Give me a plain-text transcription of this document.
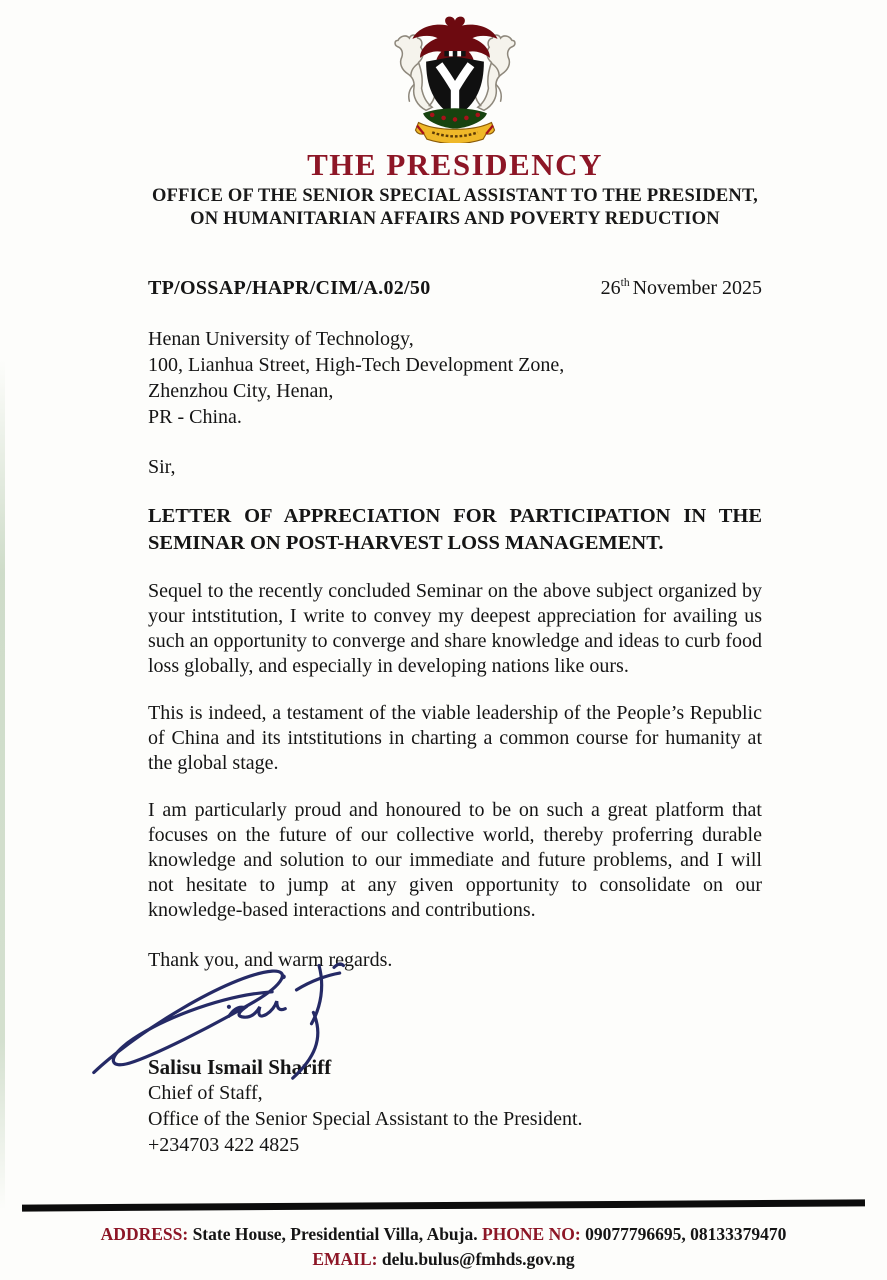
THE PRESIDENCY
OFFICE OF THE SENIOR SPECIAL ASSISTANT TO THE PRESIDENT,
ON HUMANITARIAN AFFAIRS AND POVERTY REDUCTION
TP/OSSAP/HAPR/CIM/A.02/50	26th November 2025
Henan University of Technology,
100, Lianhua Street, High-Tech Development Zone,
Zhenzhou City, Henan,
PR - China.
Sir,
LETTER OF APPRECIATION FOR PARTICIPATION IN THE SEMINAR ON POST-HARVEST LOSS MANAGEMENT.
Sequel to the recently concluded Seminar on the above subject organized by your intstitution, I write to convey my deepest appreciation for availing us such an opportunity to converge and share knowledge and ideas to curb food loss globally, and especially in developing nations like ours.
This is indeed, a testament of the viable leadership of the People’s Republic of China and its intstitutions in charting a common course for humanity at the global stage.
I am particularly proud and honoured to be on such a great platform that focuses on the future of our collective world, thereby proferring durable knowledge and solution to our immediate and future problems, and I will not hesitate to jump at any given opportunity to consolidate on our knowledge-based interactions and contributions.
Thank you, and warm regards.
Salisu Ismail Shariff
Chief of Staff,
Office of the Senior Special Assistant to the President.
+234703 422 4825
ADDRESS: State House, Presidential Villa, Abuja. PHONE NO: 09077796695, 08133379470
EMAIL: delu.bulus@fmhds.gov.ng
